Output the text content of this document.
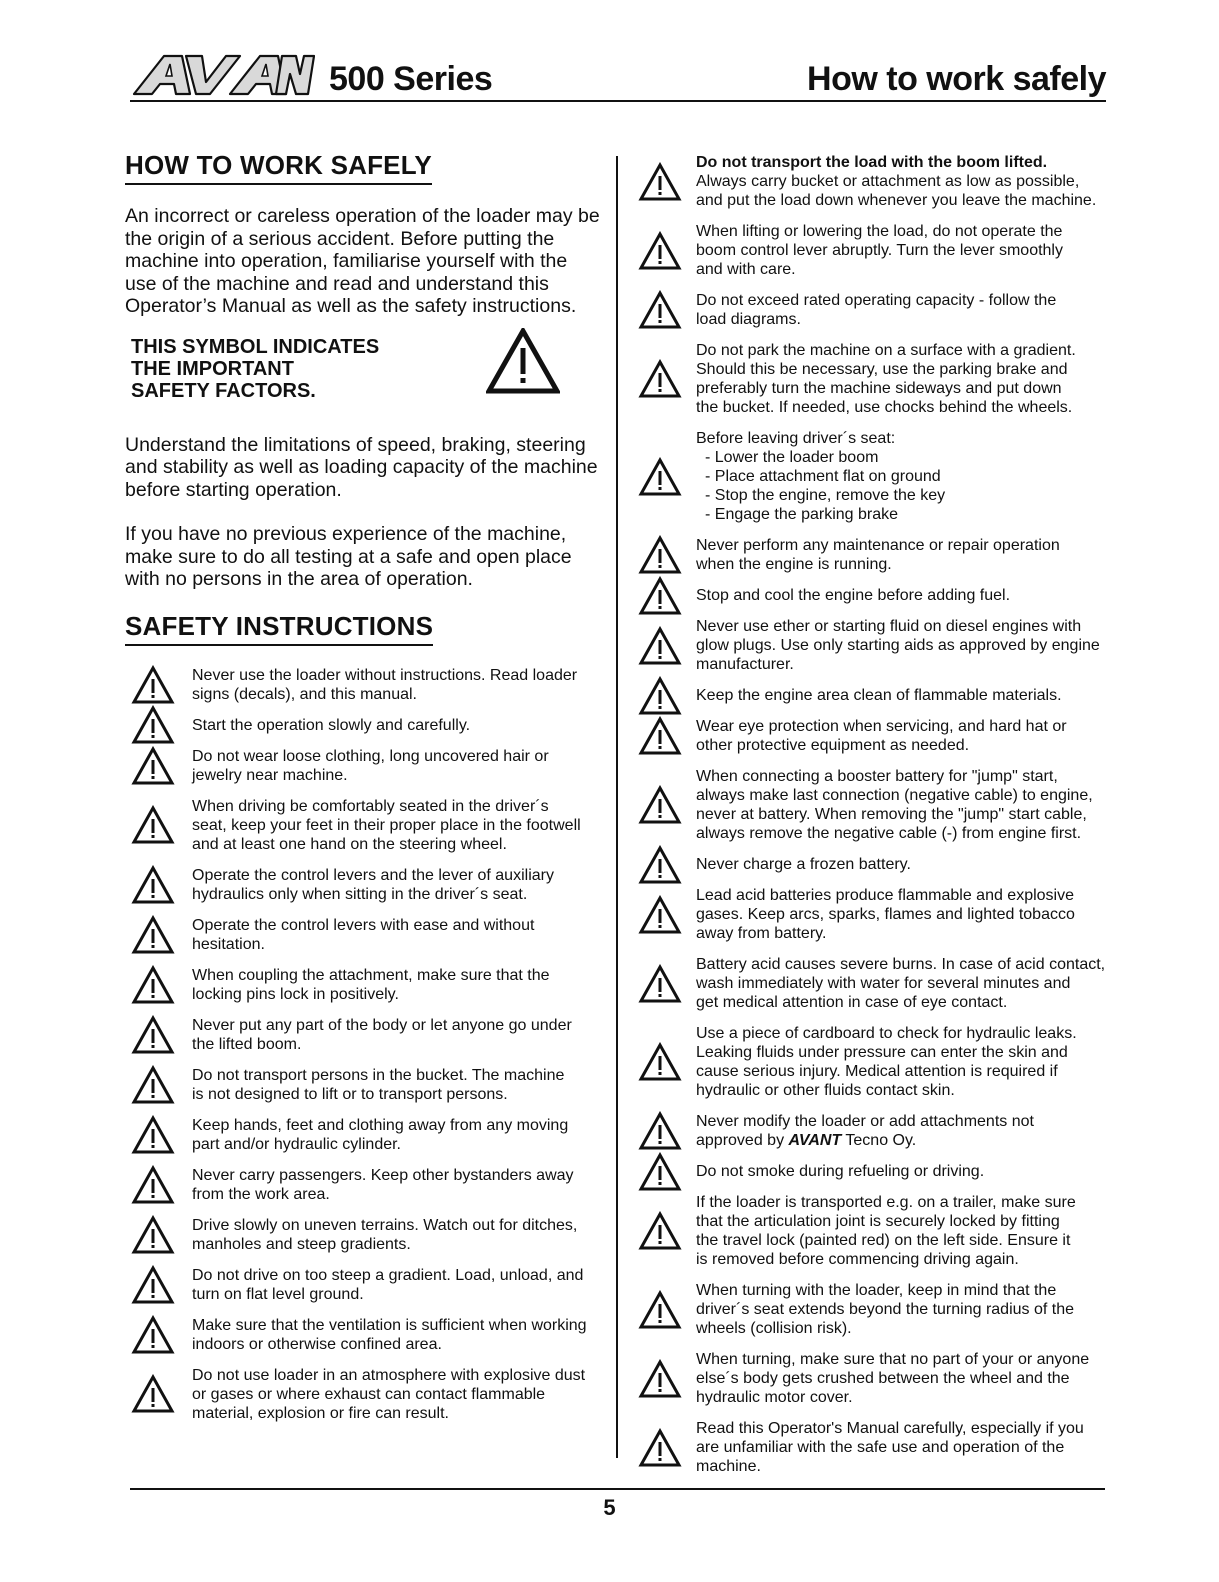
AVANT
500 Series	How to work safely
HOW TO WORK SAFELY

An incorrect or careless operation of the loader may be the origin of a serious accident. Before putting the machine into operation, familiarise yourself with the use of the machine and read and understand this Operator’s Manual as well as the safety instructions.

THIS SYMBOL INDICATES
THE IMPORTANT
SAFETY FACTORS.

Understand the limitations of speed, braking, steering and stability as well as loading capacity of the machine before starting operation.

If you have no previous experience of the machine, make sure to do all testing at a safe and open place with no persons in the area of operation.

SAFETY INSTRUCTIONS
Never use the loader without instructions. Read loader
signs (decals), and this manual.
Start the operation slowly and carefully.
Do not wear loose clothing, long uncovered hair or
jewelry near machine.
When driving be comfortably seated in the driver´s
seat, keep your feet in their proper place in the footwell
and at least one hand on the steering wheel.
Operate the control levers and the lever of auxiliary
hydraulics only when sitting in the driver´s seat.
Operate the control levers with ease and without
hesitation.
When coupling the attachment, make sure that the
locking pins lock in positively.
Never put any part of the body or let anyone go under
the lifted boom.
Do not transport persons in the bucket. The machine
is not designed to lift or to transport persons.
Keep hands, feet and clothing away from any moving
part and/or hydraulic cylinder.
Never carry passengers. Keep other bystanders away
from the work area.
Drive slowly on uneven terrains. Watch out for ditches,
manholes and steep gradients.
Do not drive on too steep a gradient. Load, unload, and
turn on flat level ground.
Make sure that the ventilation is sufficient when working
indoors or otherwise confined area.
Do not use loader in an atmosphere with explosive dust
or gases or where exhaust can contact flammable
material, explosion or fire can result.
Do not transport the load with the boom lifted.
Always carry bucket or attachment as low as possible,
and put the load down whenever you leave the machine.
When lifting or lowering the load, do not operate the
boom control lever abruptly. Turn the lever smoothly
and with care.
Do not exceed rated operating capacity - follow the
load diagrams.
Do not park the machine on a surface with a gradient.
Should this be necessary, use the parking brake and
preferably turn the machine sideways and put down
the bucket. If needed, use chocks behind the wheels.
Before leaving driver´s seat:
- Lower the loader boom
- Place attachment flat on ground
- Stop the engine, remove the key
- Engage the parking brake
Never perform any maintenance or repair operation
when the engine is running.
Stop and cool the engine before adding fuel.
Never use ether or starting fluid on diesel engines with
glow plugs. Use only starting aids as approved by engine
manufacturer.
Keep the engine area clean of flammable materials.
Wear eye protection when servicing, and hard hat or
other protective equipment as needed.
When connecting a booster battery for "jump" start,
always make last connection (negative cable) to engine,
never at battery. When removing the "jump" start cable,
always remove the negative cable (-) from engine first.
Never charge a frozen battery.
Lead acid batteries produce flammable and explosive
gases. Keep arcs, sparks, flames and lighted tobacco
away from battery.
Battery acid causes severe burns. In case of acid contact,
wash immediately with water for several minutes and
get medical attention in case of eye contact.
Use a piece of cardboard to check for hydraulic leaks.
Leaking fluids under pressure can enter the skin and
cause serious injury. Medical attention is required if
hydraulic or other fluids contact skin.
Never modify the loader or add attachments not
approved by AVANT Tecno Oy.
Do not smoke during refueling or driving.
If the loader is transported e.g. on a trailer, make sure
that the articulation joint is securely locked by fitting
the travel lock (painted red) on the left side. Ensure it
is removed before commencing driving again.
When turning with the loader, keep in mind that the
driver´s seat extends beyond the turning radius of the
wheels (collision risk).
When turning, make sure that no part of your or anyone
else´s body gets crushed between the wheel and the
hydraulic motor cover.
Read this Operator's Manual carefully, especially if you
are unfamiliar with the safe use and operation of the
machine.
5
